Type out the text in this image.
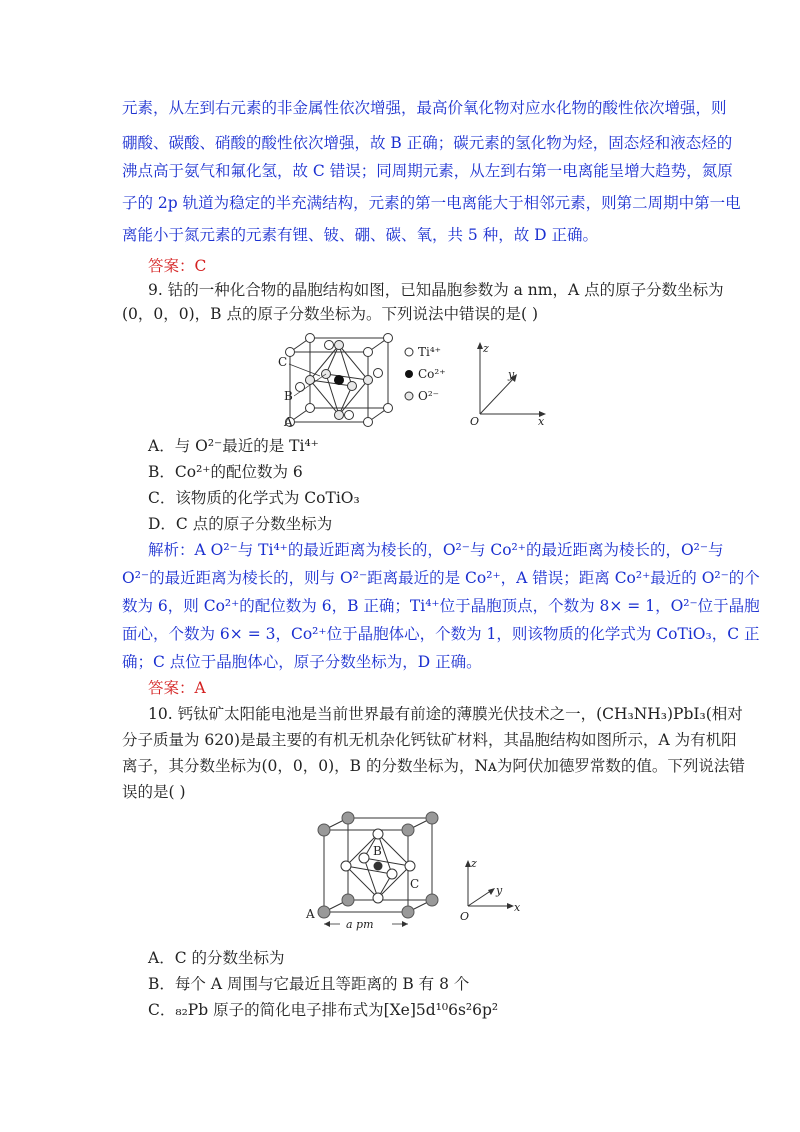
元素，从左到右元素的非金属性依次增强，最高价氧化物对应水化物的酸性依次增强，则
硼酸、碳酸、硝酸的酸性依次增强，故 B 正确；碳元素的氢化物为烃，固态烃和液态烃的
沸点高于氨气和氟化氢，故 C 错误；同周期元素，从左到右第一电离能呈增大趋势，氮原
子的 2p 轨道为稳定的半充满结构，元素的第一电离能大于相邻元素，则第二周期中第一电
离能小于氮元素的元素有锂、铍、硼、碳、氧，共 5 种，故 D 正确。
答案：C
9. 钴的一种化合物的晶胞结构如图，已知晶胞参数为 a nm，A 点的原子分数坐标为
(0，0，0)，B 点的原子分数坐标为。下列说法中错误的是( )
C
B
A
Ti⁴⁺
Co²⁺
O²⁻
z
y
x
O
A．与 O²⁻最近的是 Ti⁴⁺
B．Co²⁺的配位数为 6
C．该物质的化学式为 CoTiO₃
D．C 点的原子分数坐标为
解析：A O²⁻与 Ti⁴⁺的最近距离为棱长的，O²⁻与 Co²⁺的最近距离为棱长的，O²⁻与
O²⁻的最近距离为棱长的，则与 O²⁻距离最近的是 Co²⁺，A 错误；距离 Co²⁺最近的 O²⁻的个
数为 6，则 Co²⁺的配位数为 6，B 正确；Ti⁴⁺位于晶胞顶点，个数为 8× = 1，O²⁻位于晶胞
面心，个数为 6× = 3，Co²⁺位于晶胞体心，个数为 1，则该物质的化学式为 CoTiO₃，C 正
确；C 点位于晶胞体心，原子分数坐标为，D 正确。
答案：A
10. 钙钛矿太阳能电池是当前世界最有前途的薄膜光伏技术之一，(CH₃NH₃)PbI₃(相对
分子质量为 620)是最主要的有机无机杂化钙钛矿材料，其晶胞结构如图所示，A 为有机阳
离子，其分数坐标为(0，0，0)，B 的分数坐标为，Nᴀ为阿伏加德罗常数的值。下列说法错
误的是( )
B
C
A
a pm
z
y
x
O
A．C 的分数坐标为
B．每个 A 周围与它最近且等距离的 B 有 8 个
C．₈₂Pb 原子的简化电子排布式为[Xe]5d¹⁰6s²6p²
